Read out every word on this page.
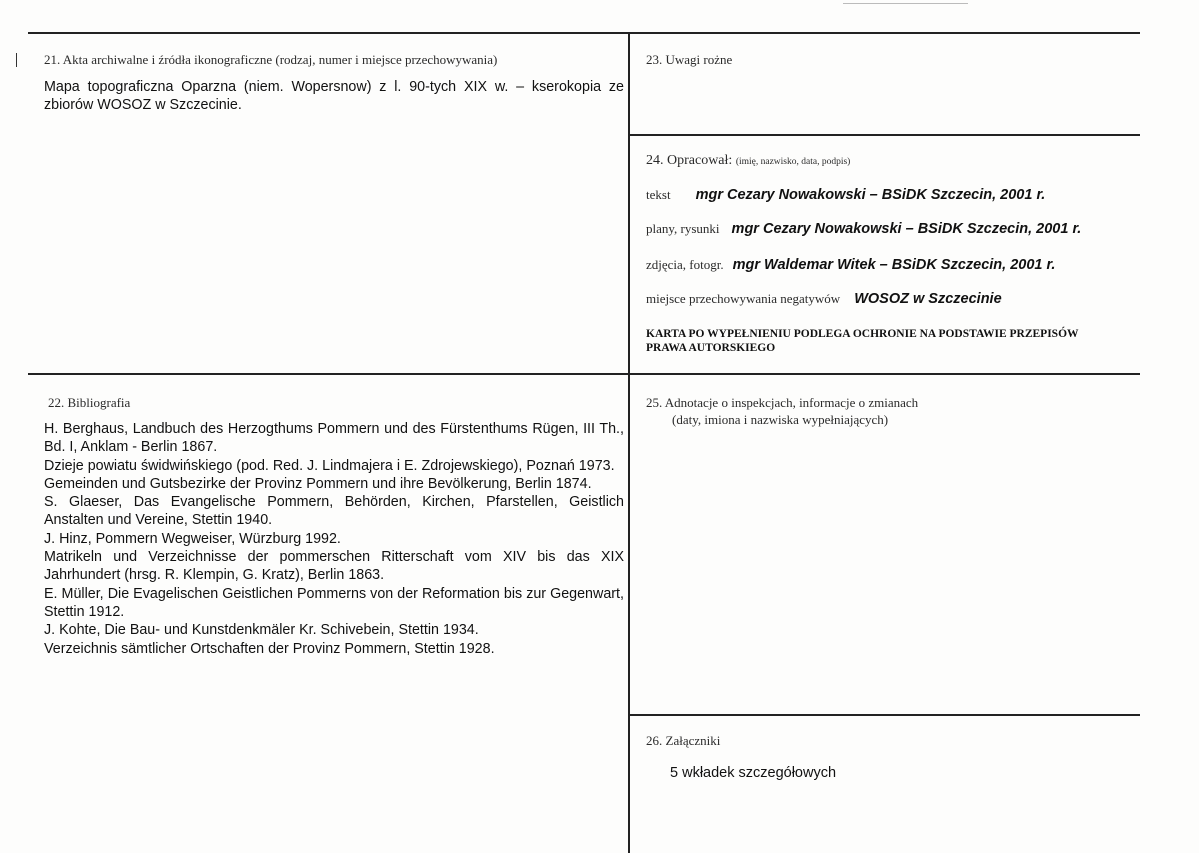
21. Akta archiwalne i źródła ikonograficzne (rodzaj, numer i miejsce przechowywania)
Mapa topograficzna Oparzna (niem. Wopersnow) z l. 90-tych XIX w. – kserokopia ze zbiorów WOSOZ w Szczecinie.
23. Uwagi rożne
24. Opracował: (imię, nazwisko, data, podpis)
tekst mgr Cezary Nowakowski – BSiDK Szczecin, 2001 r.
plany, rysunki mgr Cezary Nowakowski – BSiDK Szczecin, 2001 r.
zdjęcia, fotogr. mgr Waldemar Witek – BSiDK Szczecin, 2001 r.
miejsce przechowywania negatywów WOSOZ w Szczecinie
KARTA PO WYPEŁNIENIU PODLEGA OCHRONIE NA PODSTAWIE PRZEPISÓW
PRAWA AUTORSKIEGO
22. Bibliografia

H. Berghaus, Landbuch des Herzogthums Pommern und des Fürstenthums Rügen, III Th., Bd. I, Anklam - Berlin 1867.

Dzieje powiatu świdwińskiego (pod. Red. J. Lindmajera i E. Zdrojewskiego), Poznań 1973.

Gemeinden und Gutsbezirke der Provinz Pommern und ihre Bevölkerung, Berlin 1874.

S. Glaeser, Das Evangelische Pommern, Behörden, Kirchen, Pfarstellen, Geistlich Anstalten und Vereine, Stettin 1940.

J. Hinz, Pommern Wegweiser, Würzburg 1992.

Matrikeln und Verzeichnisse der pommerschen Ritterschaft vom XIV bis das XIX Jahrhundert (hrsg. R. Klempin, G. Kratz), Berlin 1863.

E. Müller, Die Evagelischen Geistlichen Pommerns von der Reformation bis zur Gegenwart, Stettin 1912.

J. Kohte, Die Bau- und Kunstdenkmäler Kr. Schivebein, Stettin 1934.

Verzeichnis sämtlicher Ortschaften der Provinz Pommern, Stettin 1928.

25. Adnotacje o inspekcjach, informacje o zmianach
(daty, imiona i nazwiska wypełniających)
26. Załączniki
5 wkładek szczegółowych
